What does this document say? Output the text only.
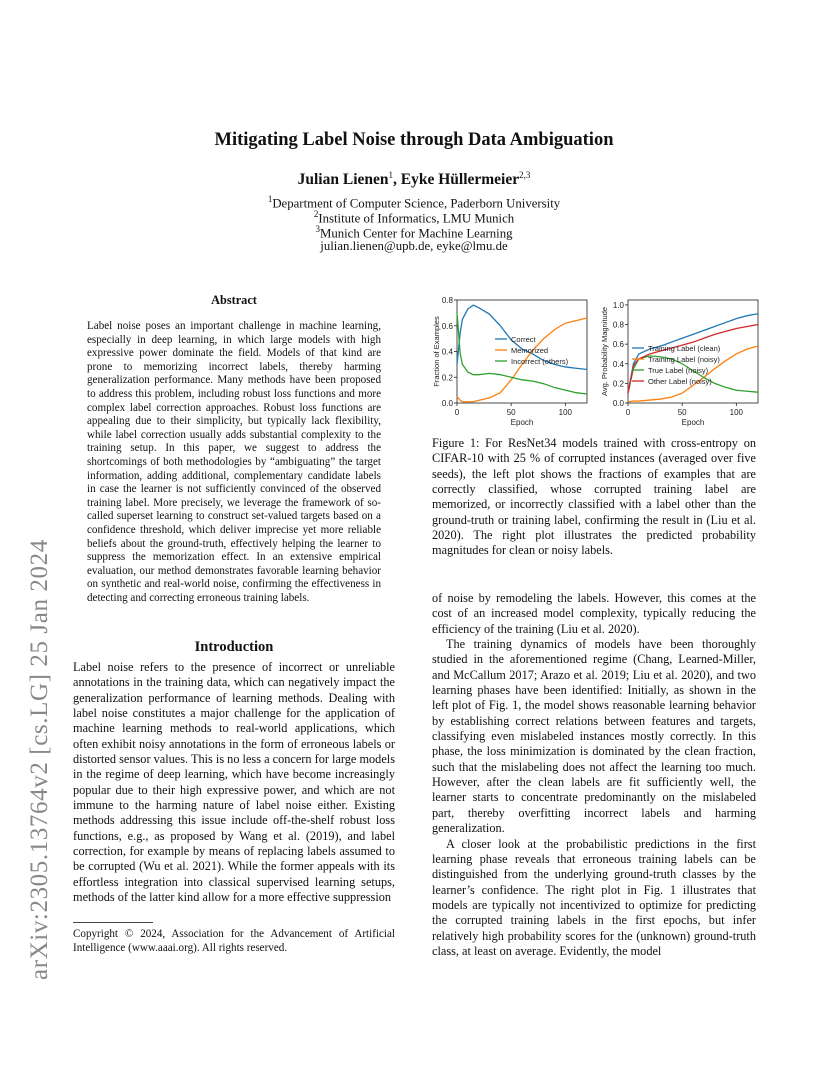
arXiv:2305.13764v2 [cs.LG] 25 Jan 2024
Mitigating Label Noise through Data Ambiguation
Julian Lienen$^1$, Eyke Hüllermeier$^{2,3}$
$^1$Department of Computer Science, Paderborn University
$^2$Institute of Informatics, LMU Munich
$^3$Munich Center for Machine Learning
julian.lienen@upb.de, eyke@lmu.de
Abstract
Label noise poses an important challenge in machine learning, especially in deep learning, in which large models with high expressive power dominate the field. Models of that kind are prone to memorizing incorrect labels, thereby harming generalization performance. Many methods have been proposed to address this problem, including robust loss functions and more complex label correction approaches. Robust loss functions are appealing due to their simplicity, but typically lack flexibility, while label correction usually adds substantial complexity to the training setup. In this paper, we suggest to address the shortcomings of both methodologies by “ambiguating” the target information, adding additional, complementary candidate labels in case the learner is not sufficiently convinced of the observed training label. More precisely, we leverage the framework of so-called superset learning to construct set-valued targets based on a confidence threshold, which deliver imprecise yet more reliable beliefs about the ground-truth, effectively helping the learner to suppress the memorization effect. In an extensive empirical evaluation, our method demonstrates favorable learning behavior on synthetic and real-world noise, confirming the effectiveness in detecting and correcting erroneous training labels.
Introduction

Label noise refers to the presence of incorrect or unreliable annotations in the training data, which can negatively impact the generalization performance of learning methods. Dealing with label noise constitutes a major challenge for the application of machine learning methods to real-world applications, which often exhibit noisy annotations in the form of erroneous labels or distorted sensor values. This is no less a concern for large models in the regime of deep learning, which have become increasingly popular due to their high expressive power, and which are not immune to the harming nature of label noise either. Existing methods addressing this issue include off-the-shelf robust loss functions, e.g., as proposed by Wang et al. (2019), and label correction, for example by means of replacing labels assumed to be corrupted (Wu et al. 2021). While the former appeals with its effortless integration into classical supervised learning setups, methods of the latter kind allow for a more effective suppression

Copyright © 2024, Association for the Advancement of Artificial Intelligence (www.aaai.org). All rights reserved.
0	50	100
0.0
0.2
0.4
0.6
0.8
Epoch
Fraction of Examples	Correct
Memorized
Incorrect (others)
0	50	100
0.0
0.2
0.4
0.6
0.8
1.0
Epoch
Avg. Probability Magnitude	Training Label (clean)
Training Label (noisy)
True Label (noisy)
Other Label (noisy)
Figure 1: For ResNet34 models trained with cross-entropy on CIFAR-10 with 25 % of corrupted instances (averaged over five seeds), the left plot shows the fractions of examples that are correctly classified, whose corrupted training label are memorized, or incorrectly classified with a label other than the ground-truth or training label, confirming the result in (Liu et al. 2020). The right plot illustrates the predicted probability magnitudes for clean or noisy labels.

of noise by remodeling the labels. However, this comes at the cost of an increased model complexity, typically reducing the efficiency of the training (Liu et al. 2020).

The training dynamics of models have been thoroughly studied in the aforementioned regime (Chang, Learned-Miller, and McCallum 2017; Arazo et al. 2019; Liu et al. 2020), and two learning phases have been identified: Initially, as shown in the left plot of Fig. 1, the model shows reasonable learning behavior by establishing correct relations between features and targets, classifying even mislabeled instances mostly correctly. In this phase, the loss minimization is dominated by the clean fraction, such that the mislabeling does not affect the learning too much. However, after the clean labels are fit sufficiently well, the learner starts to concentrate predominantly on the mislabeled part, thereby overfitting incorrect labels and harming generalization.

A closer look at the probabilistic predictions in the first learning phase reveals that erroneous training labels can be distinguished from the underlying ground-truth classes by the learner’s confidence. The right plot in Fig. 1 illustrates that models are typically not incentivized to optimize for predicting the corrupted training labels in the first epochs, but infer relatively high probability scores for the (unknown) ground-truth class, at least on average. Evidently, the model
